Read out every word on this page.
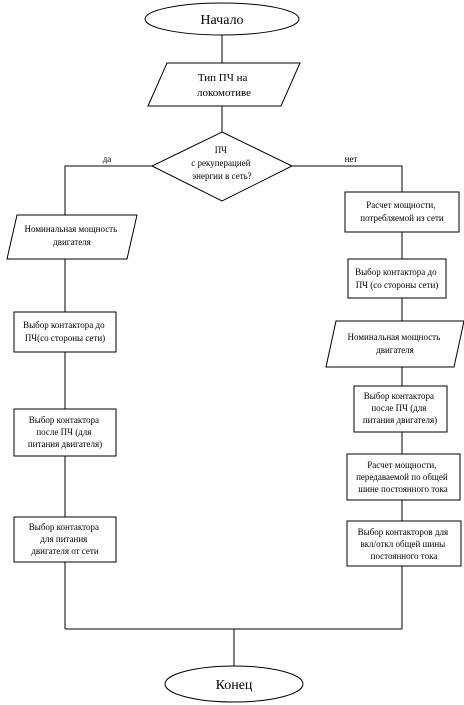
Начало
Тип ПЧ на локомотиве
ПЧ с рекуперацией энергии в сеть?
да	нет
Номинальная мощность двигателя
Выбор контактора до ПЧ(со стороны сети)
Выбор контактора после ПЧ (для питания двигателя)
Выбор контактора для питания двигателя от сети
Расчет мощности, потребляемой из сети
Выбор контактора до ПЧ (со стороны сети)
Номинальная мощность двигателя
Выбор контактора после ПЧ (для питания двигателя)
Расчет мощности, передаваемой по общей шине постоянного тока
Выбор контакторов для вкл/откл общей шины постоянного тока
Конец
